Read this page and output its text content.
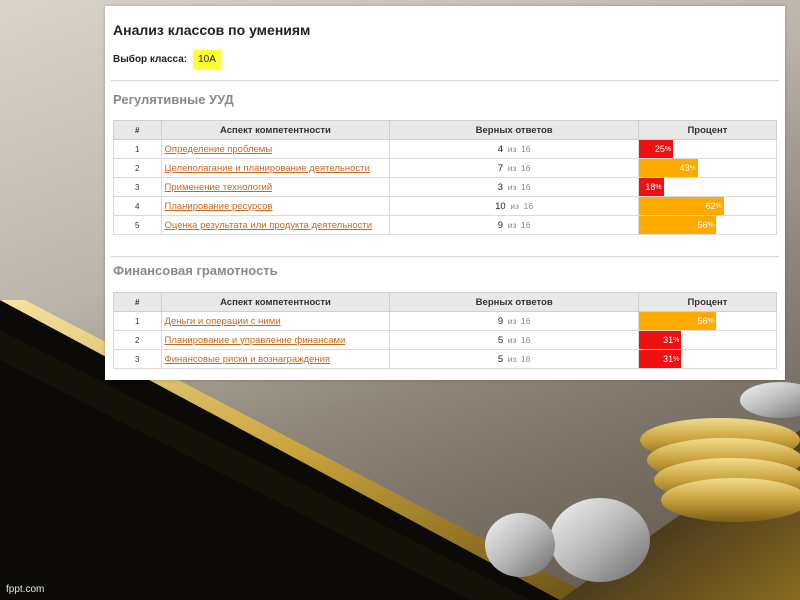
Анализ классов по умениям
Выбор класса:	10А
Регулятивные УУД
#	Аспект компетентности	Верных ответов	Процент
1	Определение проблемы	4 из 16	25 %

2	Целеполагание и планирование деятельности	7 из 16	43 %

3	Применение технологий	3 из 16	18 %

4	Планирование ресурсов	10 из 16	62 %

5	Оценка результата или продукта деятельности	9 из 16	56 %
Финансовая грамотность
#	Аспект компетентности	Верных ответов	Процент
1	Деньги и операции с ними	9 из 16	56 %

2	Планирование и управление финансами	5 из 16	31 %

3	Финансовые риски и вознаграждения	5 из 16	31 %
fppt.com
